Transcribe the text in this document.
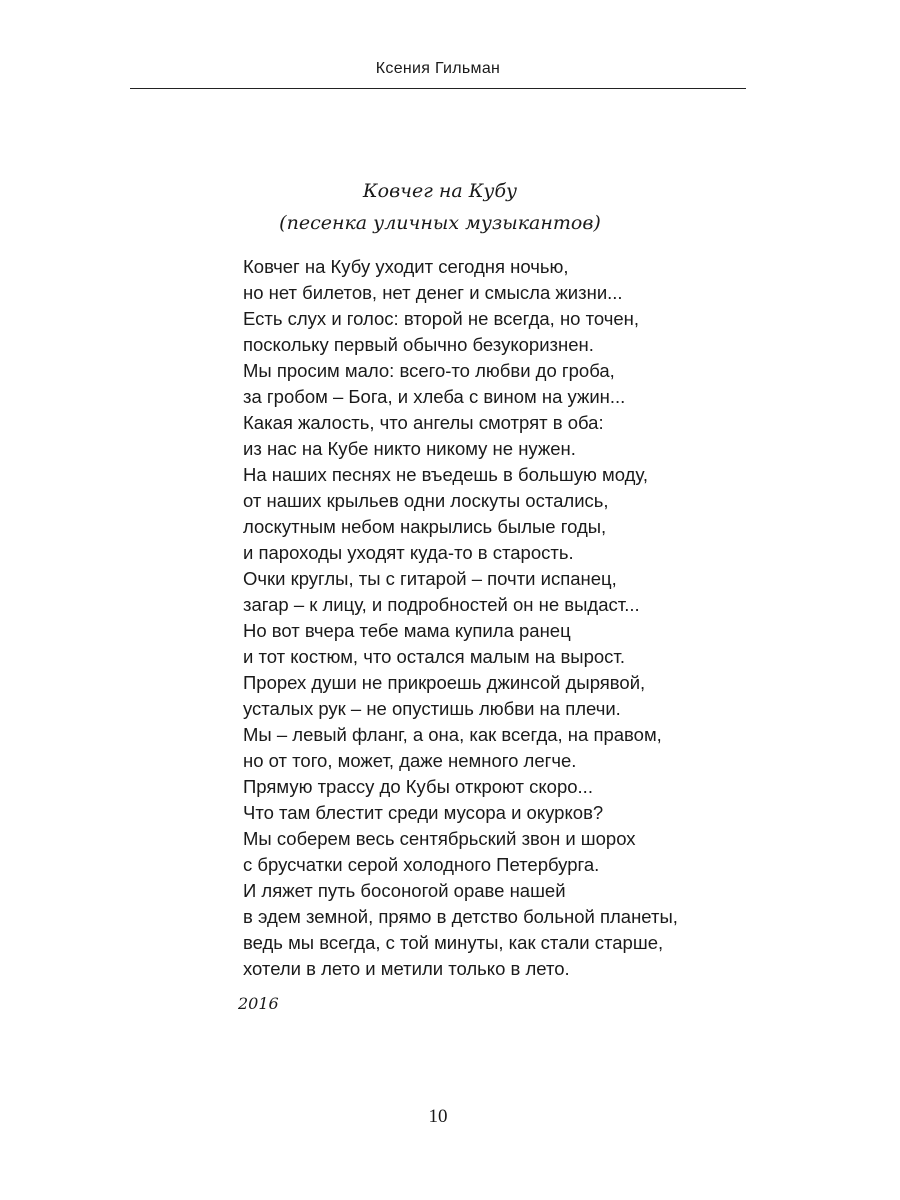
Ксения Гильман
Ковчег на Кубу
(песенка уличных музыкантов)
Ковчег на Кубу уходит сегодня ночью,
но нет билетов, нет денег и смысла жизни...
Есть слух и голос: второй не всегда, но точен,
поскольку первый обычно безукоризнен.
Мы просим мало: всего-то любви до гроба,
за гробом – Бога, и хлеба с вином на ужин...
Какая жалость, что ангелы смотрят в оба:
из нас на Кубе никто никому не нужен.
На наших песнях не въедешь в большую моду,
от наших крыльев одни лоскуты остались,
лоскутным небом накрылись былые годы,
и пароходы уходят куда-то в старость.
Очки круглы, ты с гитарой – почти испанец,
загар – к лицу, и подробностей он не выдаст...
Но вот вчера тебе мама купила ранец
и тот костюм, что остался малым на вырост.
Прорех души не прикроешь джинсой дырявой,
усталых рук – не опустишь любви на плечи.
Мы – левый фланг, а она, как всегда, на правом,
но от того, может, даже немного легче.
Прямую трассу до Кубы откроют скоро...
Что там блестит среди мусора и окурков?
Мы соберем весь сентябрьский звон и шорох
с брусчатки серой холодного Петербурга.
И ляжет путь босоногой ораве нашей
в эдем земной, прямо в детство больной планеты,
ведь мы всегда, с той минуты, как стали старше,
хотели в лето и метили только в лето.
2016
10
